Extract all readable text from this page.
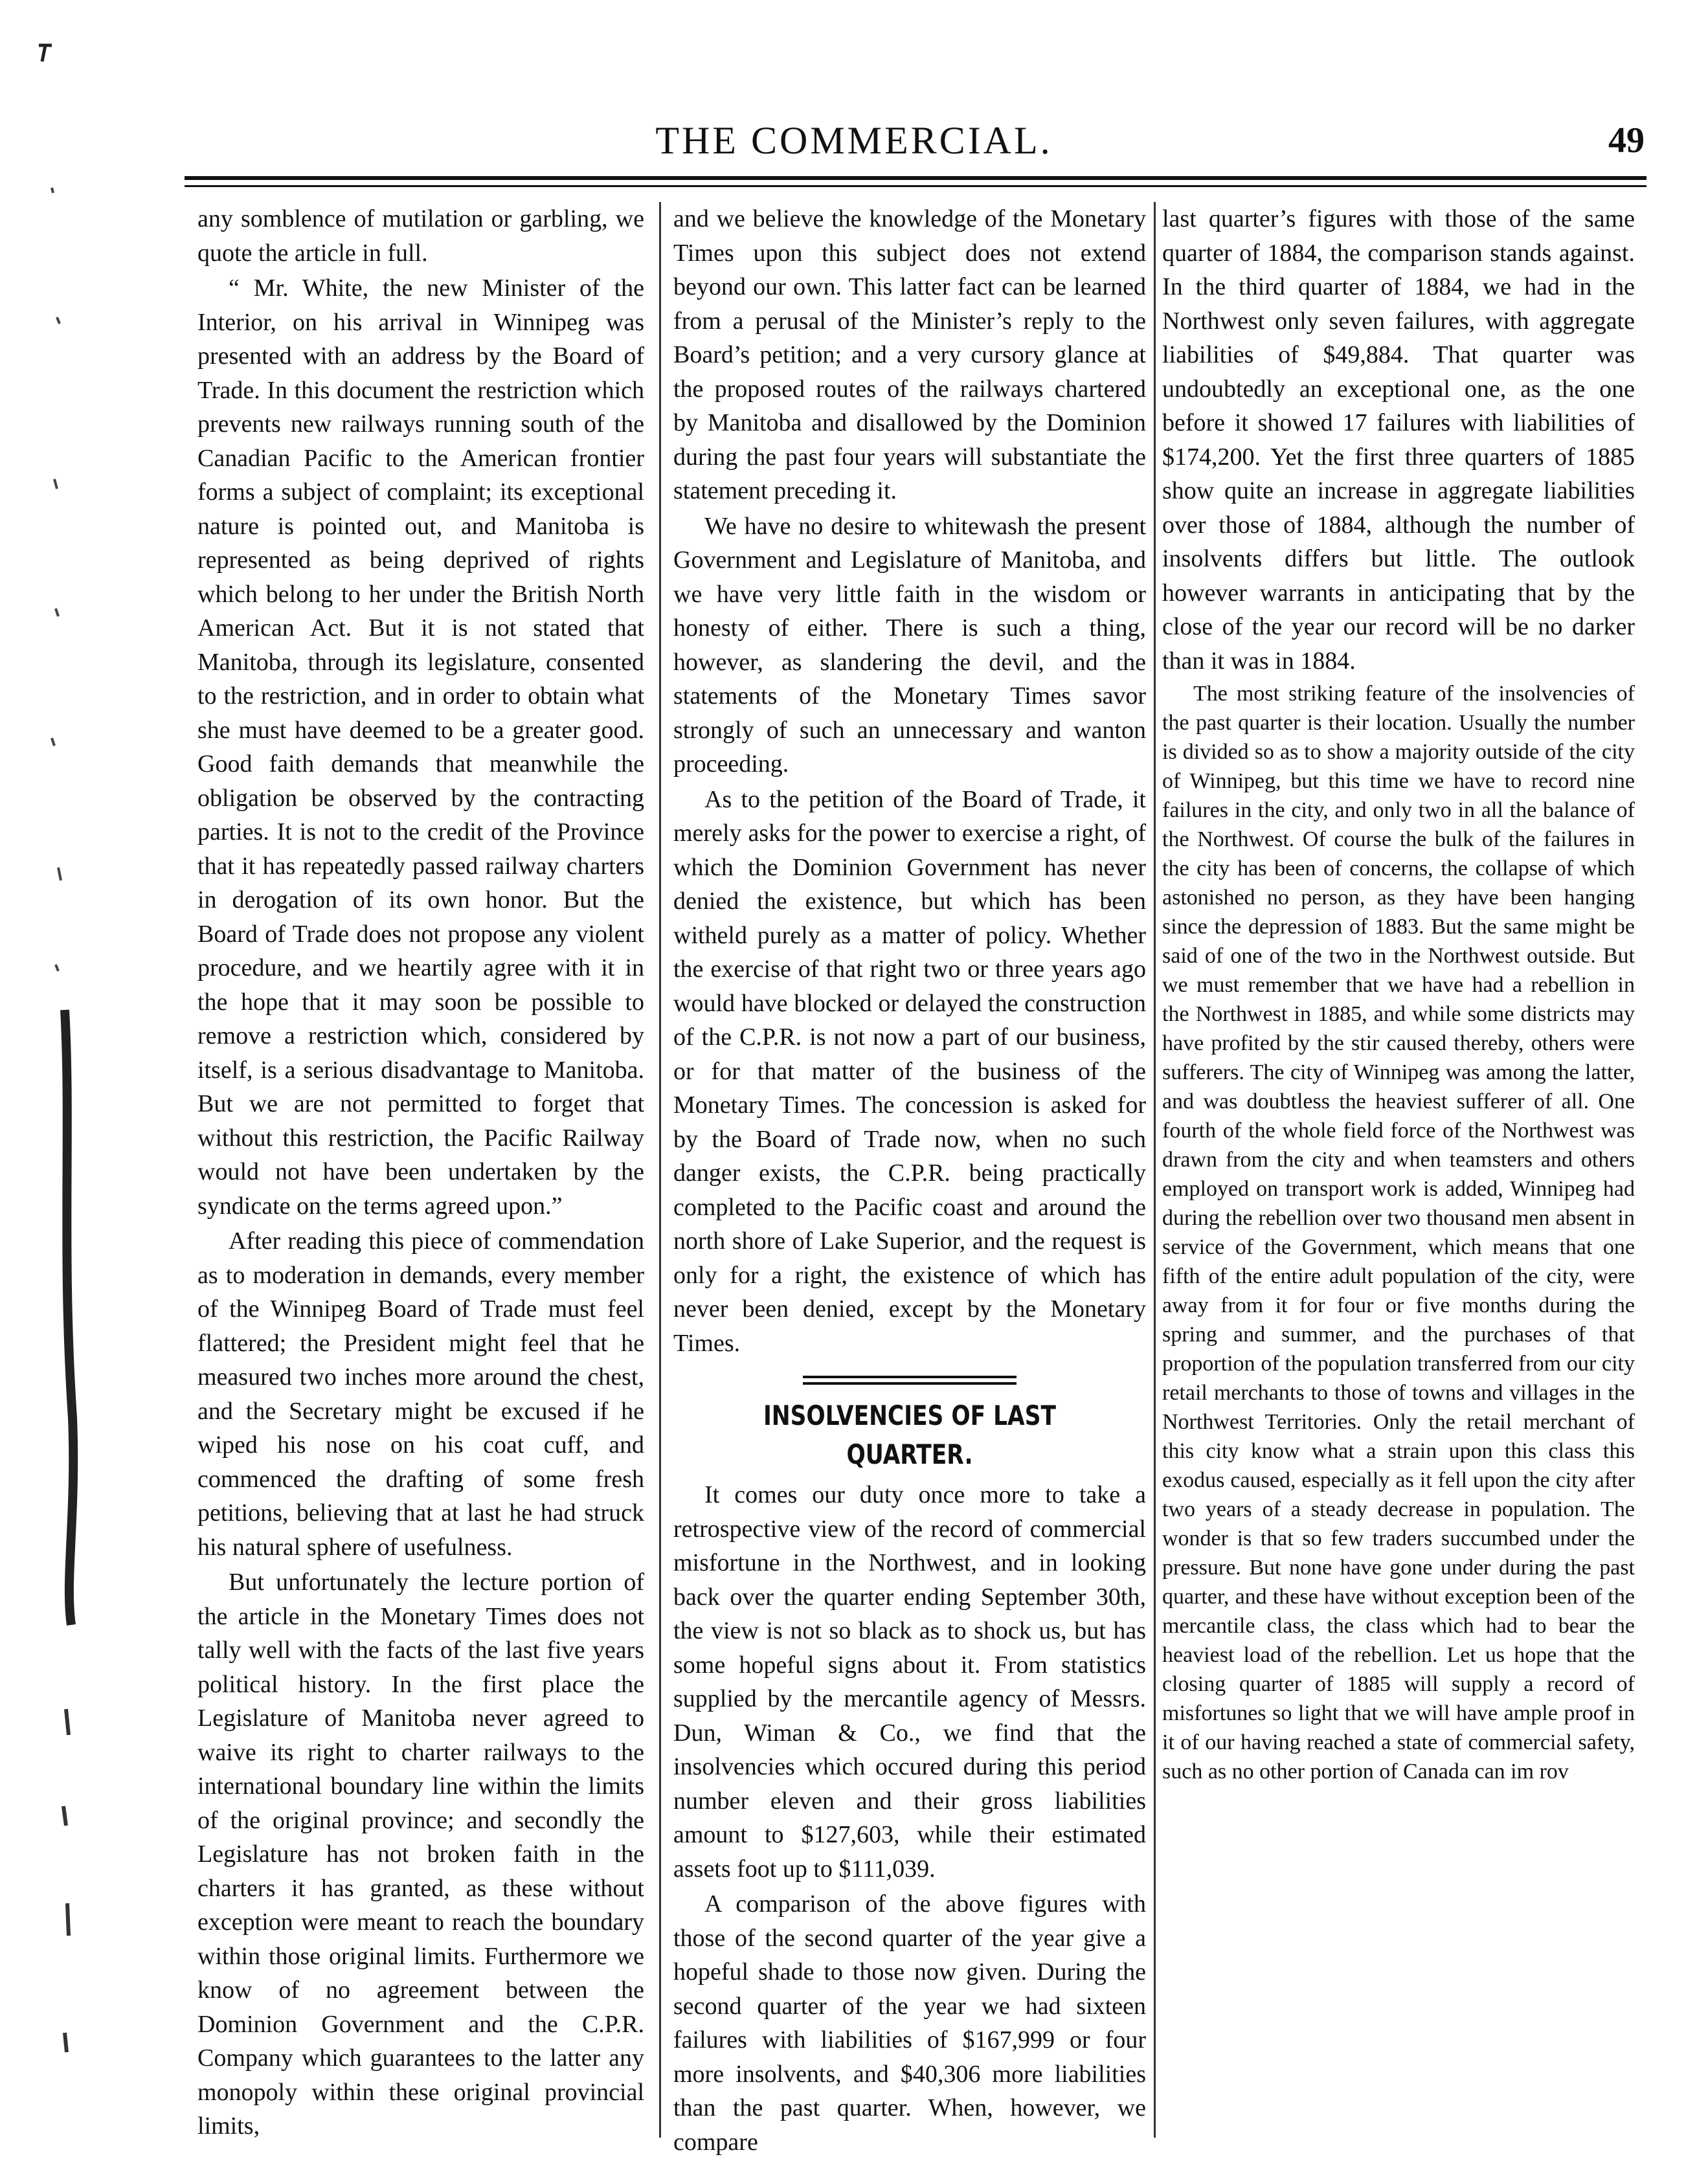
THE COMMERCIAL.	49

any somblence of mutilation or garbling, we quote the article in full.

“ Mr. White, the new Minister of the Interior, on his arrival in Winnipeg was presented with an address by the Board of Trade. In this document the restriction which prevents new railways running south of the Canadian Pacific to the American frontier forms a subject of complaint; its exceptional nature is pointed out, and Manitoba is represented as being deprived of rights which belong to her under the British North American Act. But it is not stated that Manitoba, through its legislature, consented to the restriction, and in order to obtain what she must have deemed to be a greater good. Good faith demands that meanwhile the obligation be observed by the contracting parties. It is not to the credit of the Province that it has repeatedly passed railway charters in derogation of its own honor. But the Board of Trade does not propose any violent procedure, and we heartily agree with it in the hope that it may soon be possible to remove a restriction which, considered by itself, is a serious disadvantage to Manitoba. But we are not permitted to forget that without this restriction, the Pacific Railway would not have been undertaken by the syndicate on the terms agreed upon.”

After reading this piece of commendation as to moderation in demands, every member of the Winnipeg Board of Trade must feel flattered; the President might feel that he measured two inches more around the chest, and the Secretary might be excused if he wiped his nose on his coat cuff, and commenced the drafting of some fresh petitions, believing that at last he had struck his natural sphere of usefulness.

But unfortunately the lecture portion of the article in the Monetary Times does not tally well with the facts of the last five years political history. In the first place the Legislature of Manitoba never agreed to waive its right to charter railways to the international boundary line within the limits of the original province; and secondly the Legislature has not broken faith in the charters it has granted, as these without exception were meant to reach the boundary within those original limits. Furthermore we know of no agreement between the Dominion Government and the C.P.R. Company which guarantees to the latter any monopoly within these original provincial limits,

and we believe the knowledge of the Monetary Times upon this subject does not extend beyond our own. This latter fact can be learned from a perusal of the Minister’s reply to the Board’s petition; and a very cursory glance at the proposed routes of the railways chartered by Manitoba and disallowed by the Dominion during the past four years will substantiate the statement preceding it.

We have no desire to whitewash the present Government and Legislature of Manitoba, and we have very little faith in the wisdom or honesty of either. There is such a thing, however, as slandering the devil, and the statements of the Monetary Times savor strongly of such an unnecessary and wanton proceeding.

As to the petition of the Board of Trade, it merely asks for the power to exercise a right, of which the Dominion Government has never denied the existence, but which has been witheld purely as a matter of policy. Whether the exercise of that right two or three years ago would have blocked or delayed the construction of the C.P.R. is not now a part of our business, or for that matter of the business of the Monetary Times. The concession is asked for by the Board of Trade now, when no such danger exists, the C.P.R. being practically completed to the Pacific coast and around the north shore of Lake Superior, and the request is only for a right, the existence of which has never been denied, except by the Monetary Times.

INSOLVENCIES OF LAST QUARTER.

It comes our duty once more to take a retrospective view of the record of commercial misfortune in the Northwest, and in looking back over the quarter ending September 30th, the view is not so black as to shock us, but has some hopeful signs about it. From statistics supplied by the mercantile agency of Messrs. Dun, Wiman & Co., we find that the insolvencies which occured during this period number eleven and their gross liabilities amount to $127,603, while their estimated assets foot up to $111,039.

A comparison of the above figures with those of the second quarter of the year give a hopeful shade to those now given. During the second quarter of the year we had sixteen failures with liabilities of $167,999 or four more insolvents, and $40,306 more liabilities than the past quarter. When, however, we compare

last quarter’s figures with those of the same quarter of 1884, the comparison stands against. In the third quarter of 1884, we had in the Northwest only seven failures, with aggregate liabilities of $49,884. That quarter was undoubtedly an exceptional one, as the one before it showed 17 failures with liabilities of $174,200. Yet the first three quarters of 1885 show quite an increase in aggregate liabilities over those of 1884, although the number of insolvents differs but little. The outlook however warrants in anticipating that by the close of the year our record will be no darker than it was in 1884.

The most striking feature of the insolvencies of the past quarter is their location. Usually the number is divided so as to show a majority outside of the city of Winnipeg, but this time we have to record nine failures in the city, and only two in all the balance of the Northwest. Of course the bulk of the failures in the city has been of concerns, the collapse of which astonished no person, as they have been hanging since the depression of 1883. But the same might be said of one of the two in the Northwest outside. But we must remember that we have had a rebellion in the Northwest in 1885, and while some districts may have profited by the stir caused thereby, others were sufferers. The city of Winnipeg was among the latter, and was doubtless the heaviest sufferer of all. One fourth of the whole field force of the Northwest was drawn from the city and when teamsters and others employed on transport work is added, Winnipeg had during the rebellion over two thousand men absent in service of the Government, which means that one fifth of the entire adult population of the city, were away from it for four or five months during the spring and summer, and the purchases of that proportion of the population transferred from our city retail merchants to those of towns and villages in the Northwest Territories. Only the retail merchant of this city know what a strain upon this class this exodus caused, especially as it fell upon the city after two years of a steady decrease in population. The wonder is that so few traders succumbed under the pressure. But none have gone under during the past quarter, and these have without exception been of the mercantile class, the class which had to bear the heaviest load of the rebellion. Let us hope that the closing quarter of 1885 will supply a record of misfortunes so light that we will have ample proof in it of our having reached a state of commercial safety, such as no other portion of Canada can im rov
